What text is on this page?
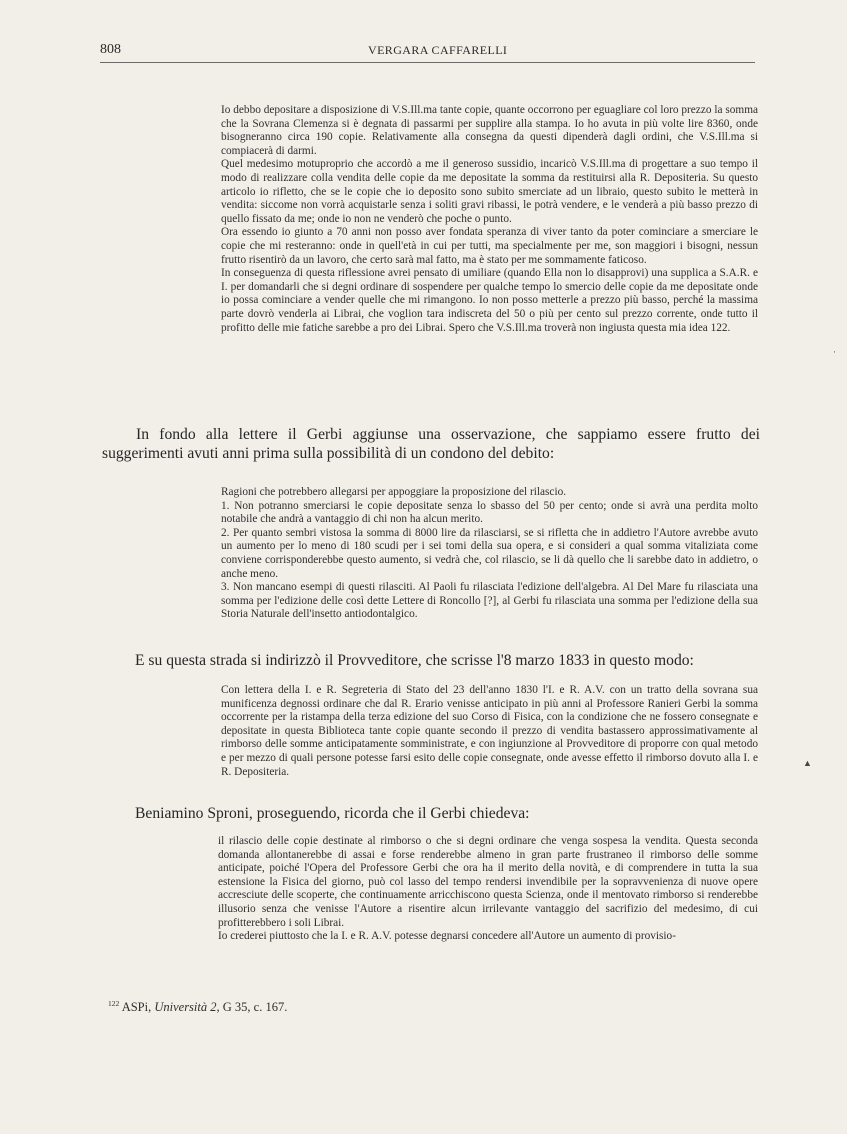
808	VERGARA CAFFARELLI

Io debbo depositare a disposizione di V.S.Ill.ma tante copie, quante occorrono per eguagliare col loro prezzo la somma che la Sovrana Clemenza si è degnata di passarmi per supplire alla stampa. Io ho avuta in più volte lire 8360, onde bisogneranno circa 190 copie. Relativamente alla consegna da questi dipenderà dagli ordini, che V.S.Ill.ma si compiacerà di darmi.

Quel medesimo motuproprio che accordò a me il generoso sussidio, incaricò V.S.Ill.ma di progettare a suo tempo il modo di realizzare colla vendita delle copie da me depositate la somma da restituirsi alla R. Depositeria. Su questo articolo io rifletto, che se le copie che io deposito sono subito smerciate ad un libraio, questo subito le metterà in vendita: siccome non vorrà acquistarle senza i soliti gravi ribassi, le potrà vendere, e le venderà a più basso prezzo di quello fissato da me; onde io non ne venderò che poche o punto.

Ora essendo io giunto a 70 anni non posso aver fondata speranza di viver tanto da poter cominciare a smerciare le copie che mi resteranno: onde in quell'età in cui per tutti, ma specialmente per me, son maggiori i bisogni, nessun frutto risentirò da un lavoro, che certo sarà mal fatto, ma è stato per me sommamente faticoso.

In conseguenza di questa riflessione avrei pensato di umiliare (quando Ella non lo disapprovi) una supplica a S.A.R. e I. per domandarli che si degni ordinare di sospendere per qualche tempo lo smercio delle copie da me depositate onde io possa cominciare a vender quelle che mi rimangono. Io non posso metterle a prezzo più basso, perché la massima parte dovrò venderla ai Librai, che voglion tara indiscreta del 50 o più per cento sul prezzo corrente, onde tutto il profitto delle mie fatiche sarebbe a pro dei Librai. Spero che V.S.Ill.ma troverà non ingiusta questa mia idea 122.

In fondo alla lettere il Gerbi aggiunse una osservazione, che sappiamo essere frutto dei suggerimenti avuti anni prima sulla possibilità di un condono del debito:

Ragioni che potrebbero allegarsi per appoggiare la proposizione del rilascio.

1. Non potranno smerciarsi le copie depositate senza lo sbasso del 50 per cento; onde si avrà una perdita molto notabile che andrà a vantaggio di chi non ha alcun merito.

2. Per quanto sembri vistosa la somma di 8000 lire da rilasciarsi, se si rifletta che in addietro l'Autore avrebbe avuto un aumento per lo meno di 180 scudi per i sei tomi della sua opera, e si consideri a qual somma vitaliziata come conviene corrisponderebbe questo aumento, si vedrà che, col rilascio, se li dà quello che li sarebbe dato in addietro, o anche meno.

3. Non mancano esempi di questi rilasciti. Al Paoli fu rilasciata l'edizione dell'algebra. Al Del Mare fu rilasciata una somma per l'edizione delle così dette Lettere di Roncollo [?], al Gerbi fu rilasciata una somma per l'edizione della sua Storia Naturale dell'insetto antiodontalgico.

E su questa strada si indirizzò il Provveditore, che scrisse l'8 marzo 1833 in questo modo:

Con lettera della I. e R. Segreteria di Stato del 23 dell'anno 1830 l'I. e R. A.V. con un tratto della sovrana sua munificenza degnossi ordinare che dal R. Erario venisse anticipato in più anni al Professore Ranieri Gerbi la somma occorrente per la ristampa della terza edizione del suo Corso di Fisica, con la condizione che ne fossero consegnate e depositate in questa Biblioteca tante copie quante secondo il prezzo di vendita bastassero approssimativamente al rimborso delle somme anticipatamente somministrate, e con ingiunzione al Provveditore di proporre con qual metodo e per mezzo di quali persone potesse farsi esito delle copie consegnate, onde avesse effetto il rimborso dovuto alla I. e R. Depositeria.

Beniamino Sproni, proseguendo, ricorda che il Gerbi chiedeva:

il rilascio delle copie destinate al rimborso o che si degni ordinare che venga sospesa la vendita. Questa seconda domanda allontanerebbe di assai e forse renderebbe almeno in gran parte frustraneo il rimborso delle somme anticipate, poiché l'Opera del Professore Gerbi che ora ha il merito della novità, e di comprendere in tutta la sua estensione la Fisica del giorno, può col lasso del tempo rendersi invendibile per la sopravvenienza di nuove opere accresciute delle scoperte, che continuamente arricchiscono questa Scienza, onde il mentovato rimborso si renderebbe illusorio senza che venisse l'Autore a risentire alcun irrilevante vantaggio del sacrifizio del medesimo, di cui profitterebbero i soli Librai.

Io crederei piuttosto che la I. e R. A.V. potesse degnarsi concedere all'Autore un aumento di provisio-

$^{122}$ ASPi, Università 2, G 35, c. 167.
·
▲
